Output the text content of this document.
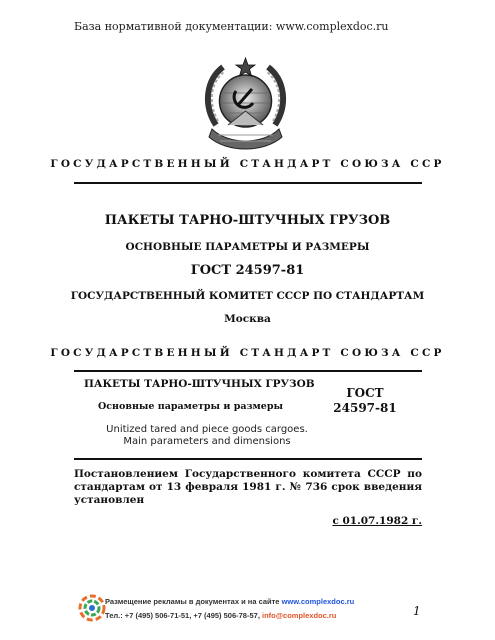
База нормативной документации: www.complexdoc.ru
ГОСУДАРСТВЕННЫЙ СТАНДАРТ СОЮЗА ССР
ПАКЕТЫ ТАРНО-ШТУЧНЫХ ГРУЗОВ
ОСНОВНЫЕ ПАРАМЕТРЫ И РАЗМЕРЫ
ГОСТ 24597-81
ГОСУДАРСТВЕННЫЙ КОМИТЕТ СССР ПО СТАНДАРТАМ
Москва
ГОСУДАРСТВЕННЫЙ СТАНДАРТ СОЮЗА ССР
ПАКЕТЫ ТАРНО-ШТУЧНЫХ ГРУЗОВ
Основные параметры и размеры
ГОСТ
24597-81
Unitized tared and piece goods cargoes.
Main parameters and dimensions
Постановлением Государственного комитета СССР по стандартам от 13 февраля 1981 г. № 736 срок введения установлен
с 01.07.1982 г.
Размещение рекламы в документах и на сайте www.complexdoc.ru
Тел.: +7 (495) 506-71-51, +7 (495) 506-78-57, info@complexdoc.ru	1
